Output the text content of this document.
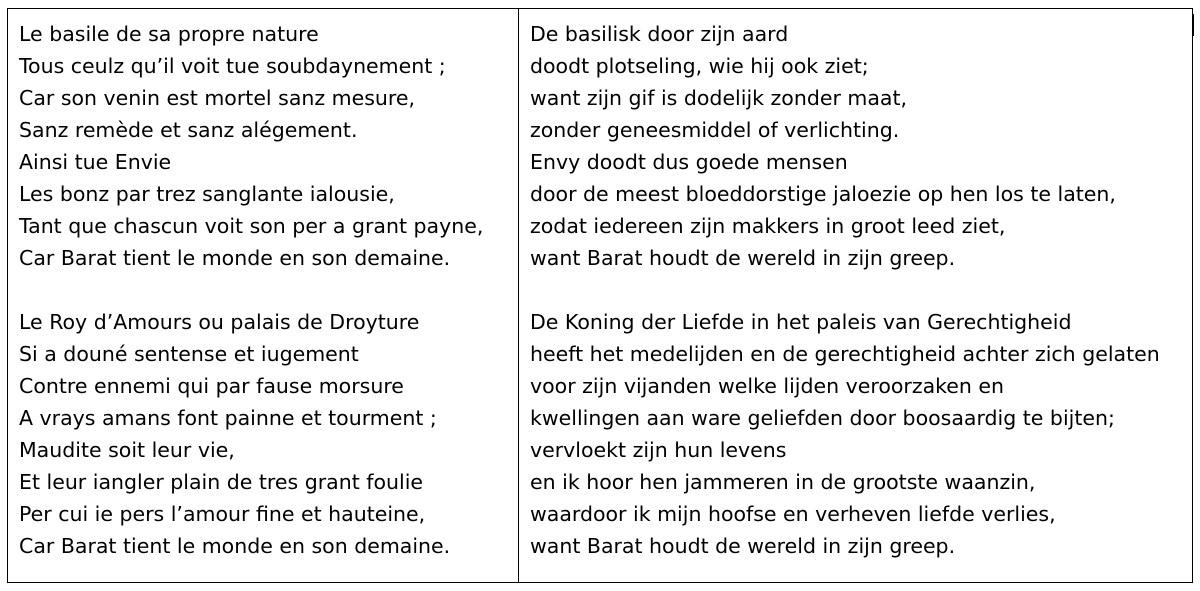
Le basile de sa propre nature
Tous ceulz qu’il voit tue soubdaynement ;
Car son venin est mortel sanz mesure,
Sanz remède et sanz alégement.
Ainsi tue Envie
Les bonz par trez sanglante ialousie,
Tant que chascun voit son per a grant payne,
Car Barat tient le monde en son demaine.
Le Roy d’Amours ou palais de Droyture
Si a douné sentense et iugement
Contre ennemi qui par fause morsure
A vrays amans font painne et tourment ;
Maudite soit leur vie,
Et leur iangler plain de tres grant foulie
Per cui ie pers l’amour fine et hauteine,
Car Barat tient le monde en son demaine.
De basilisk door zijn aard
doodt plotseling, wie hij ook ziet;
want zijn gif is dodelijk zonder maat,
zonder geneesmiddel of verlichting.
Envy doodt dus goede mensen
door de meest bloeddorstige jaloezie op hen los te laten,
zodat iedereen zijn makkers in groot leed ziet,
want Barat houdt de wereld in zijn greep.
De Koning der Liefde in het paleis van Gerechtigheid
heeft het medelijden en de gerechtigheid achter zich gelaten
voor zijn vijanden welke lijden veroorzaken en
kwellingen aan ware geliefden door boosaardig te bijten;
vervloekt zijn hun levens
en ik hoor hen jammeren in de grootste waanzin,
waardoor ik mijn hoofse en verheven liefde verlies,
want Barat houdt de wereld in zijn greep.
